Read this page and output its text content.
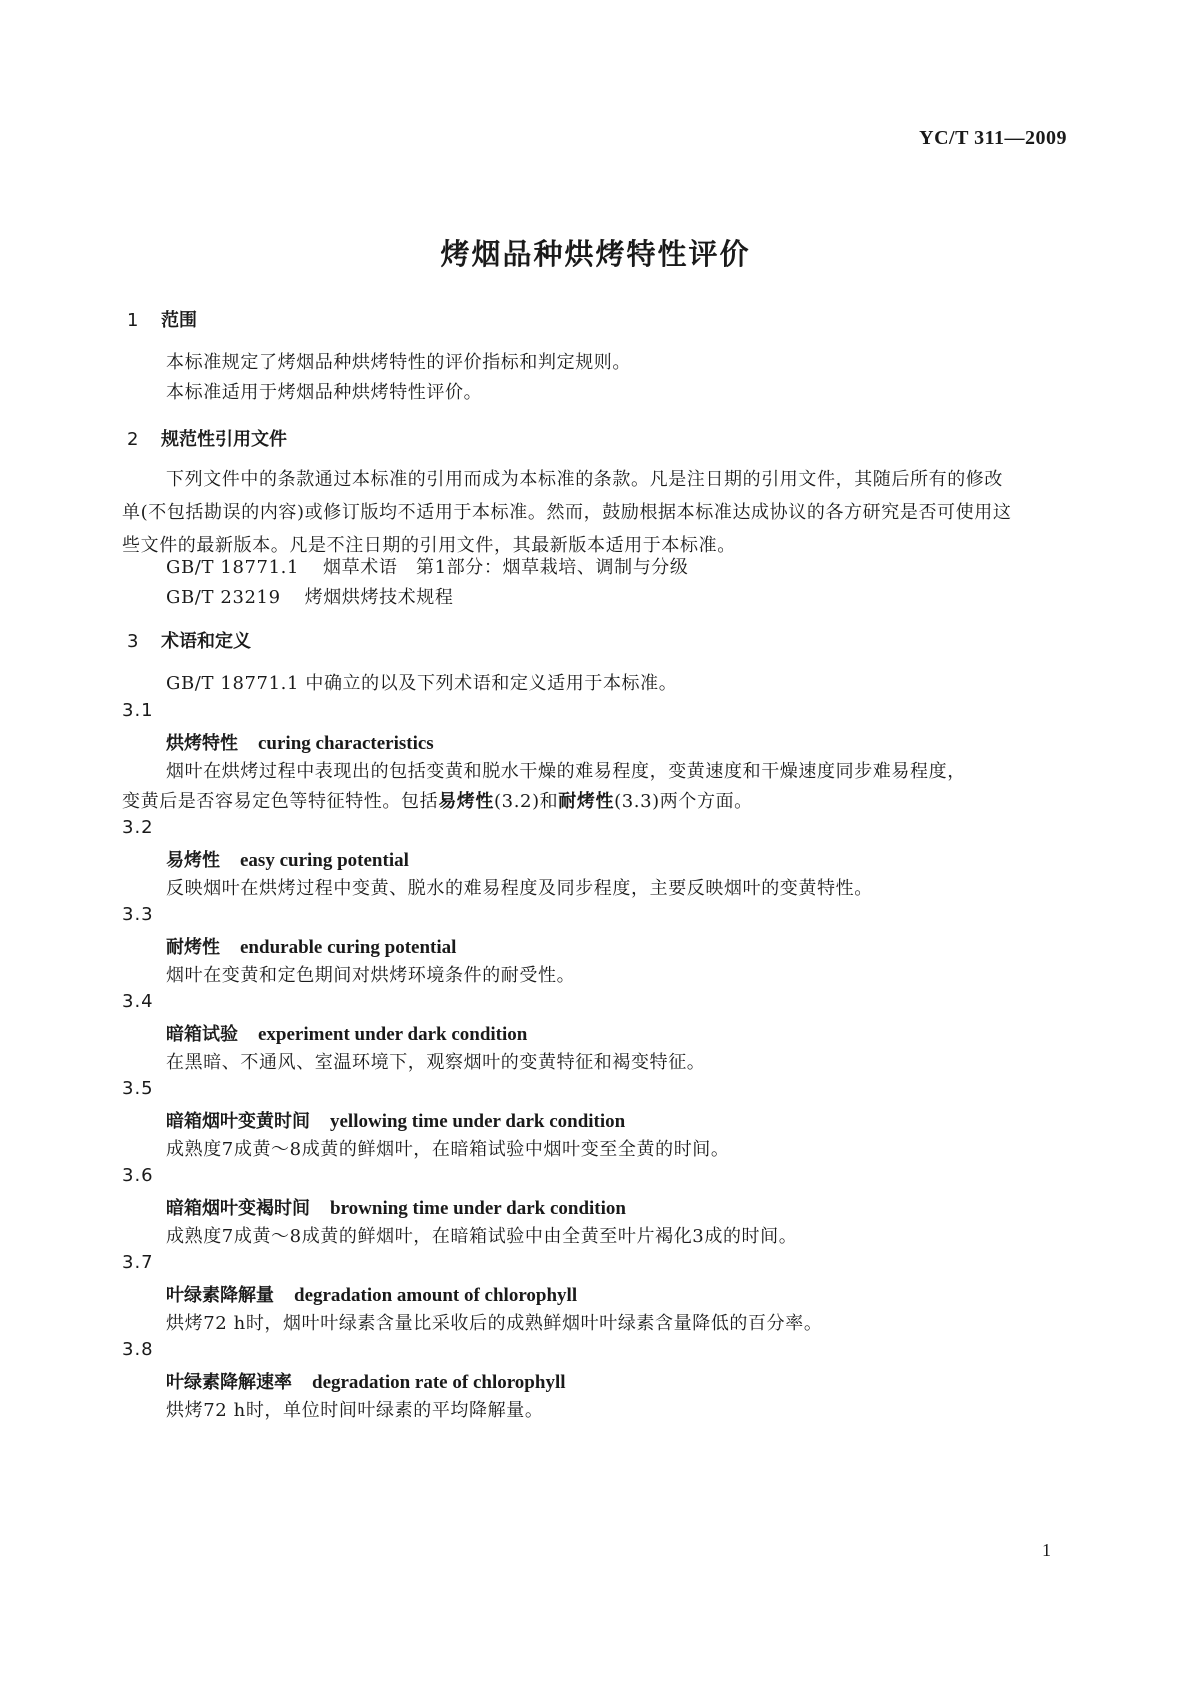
YC/T 311—2009
烤烟品种烘烤特性评价
1 范围
本标准规定了烤烟品种烘烤特性的评价指标和判定规则。
本标准适用于烤烟品种烘烤特性评价。
2 规范性引用文件
下列文件中的条款通过本标准的引用而成为本标准的条款。凡是注日期的引用文件，其随后所有的修改单(不包括勘误的内容)或修订版均不适用于本标准。然而，鼓励根据本标准达成协议的各方研究是否可使用这些文件的最新版本。凡是不注日期的引用文件，其最新版本适用于本标准。
GB/T 18771.1 烟草术语　第1部分：烟草栽培、调制与分级
GB/T 23219 烤烟烘烤技术规程
3 术语和定义
GB/T 18771.1 中确立的以及下列术语和定义适用于本标准。
3.1
烘烤特性 curing characteristics
烟叶在烘烤过程中表现出的包括变黄和脱水干燥的难易程度，变黄速度和干燥速度同步难易程度，
变黄后是否容易定色等特征特性。包括易烤性(3.2)和耐烤性(3.3)两个方面。
3.2
易烤性 easy curing potential
反映烟叶在烘烤过程中变黄、脱水的难易程度及同步程度，主要反映烟叶的变黄特性。
3.3
耐烤性 endurable curing potential
烟叶在变黄和定色期间对烘烤环境条件的耐受性。
3.4
暗箱试验 experiment under dark condition
在黑暗、不通风、室温环境下，观察烟叶的变黄特征和褐变特征。
3.5
暗箱烟叶变黄时间 yellowing time under dark condition
成熟度7成黄～8成黄的鲜烟叶，在暗箱试验中烟叶变至全黄的时间。
3.6
暗箱烟叶变褐时间 browning time under dark condition
成熟度7成黄～8成黄的鲜烟叶，在暗箱试验中由全黄至叶片褐化3成的时间。
3.7
叶绿素降解量 degradation amount of chlorophyll
烘烤72 h时，烟叶叶绿素含量比采收后的成熟鲜烟叶叶绿素含量降低的百分率。
3.8
叶绿素降解速率 degradation rate of chlorophyll
烘烤72 h时，单位时间叶绿素的平均降解量。
1
